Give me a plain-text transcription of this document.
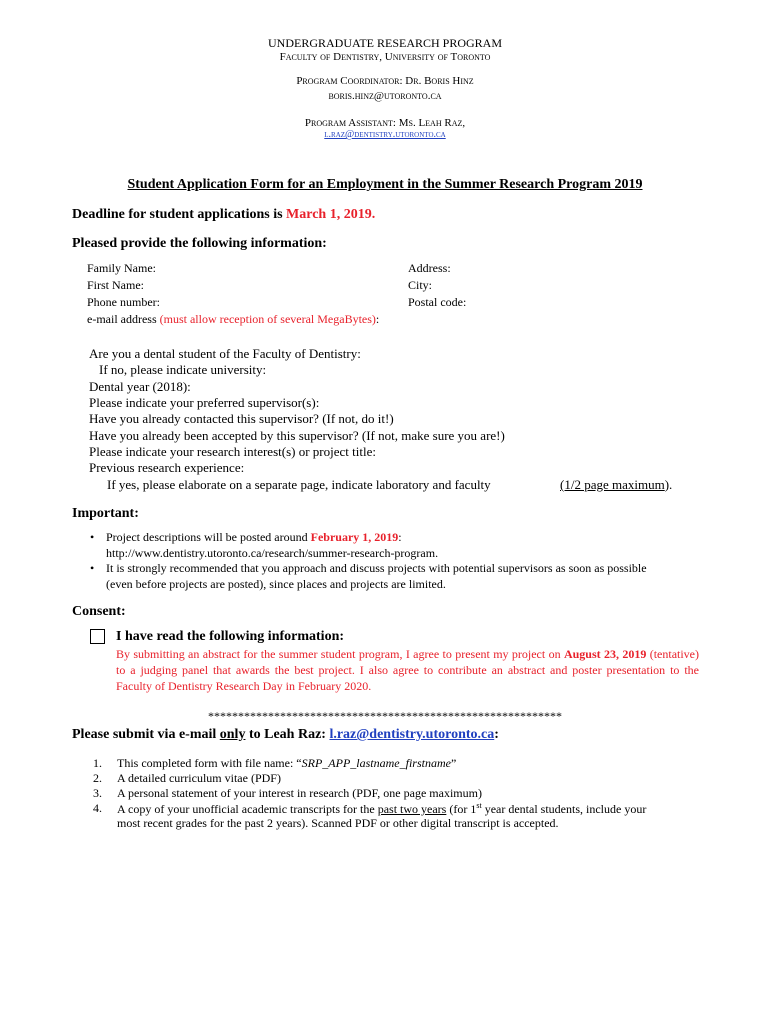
UNDERGRADUATE RESEARCH PROGRAM
Faculty of Dentistry, University of Toronto
Program Coordinator: Dr. Boris Hinz
boris.hinz@utoronto.ca
Program Assistant: Ms. Leah Raz,
l.raz@dentistry.utoronto.ca
Student Application Form for an Employment in the Summer Research Program 2019
Deadline for student applications is March 1, 2019.
Pleased provide the following information:
Family Name:
First Name:
Phone number:
e-mail address (must allow reception of several MegaBytes):
Address:
City:
Postal code:
Are you a dental student of the Faculty of Dentistry:
If no, please indicate university:
Dental year (2018):
Please indicate your preferred supervisor(s):
Have you already contacted this supervisor? (If not, do it!)
Have you already been accepted by this supervisor? (If not, make sure you are!)
Please indicate your research interest(s) or project title:
Previous research experience:
If yes, please elaborate on a separate page, indicate laboratory and faculty	(1/2 page maximum).
Important:
• Project descriptions will be posted around February 1, 2019:
http://www.dentistry.utoronto.ca/research/summer-research-program.
• It is strongly recommended that you approach and discuss projects with potential supervisors as soon as possible
(even before projects are posted), since places and projects are limited.
Consent:
I have read the following information:
By submitting an abstract for the summer student program, I agree to present my project on August 23, 2019 (tentative) to a judging panel that awards the best project. I also agree to contribute an abstract and poster presentation to the Faculty of Dentistry Research Day in February 2020.
***********************************************************
Please submit via e-mail only to Leah Raz: l.raz@dentistry.utoronto.ca:
1. This completed form with file name: “SRP_APP_lastname_firstname”
2. A detailed curriculum vitae (PDF)
3. A personal statement of your interest in research (PDF, one page maximum)
4. A copy of your unofficial academic transcripts for the past two years (for 1st year dental students, include your
most recent grades for the past 2 years). Scanned PDF or other digital transcript is accepted.
